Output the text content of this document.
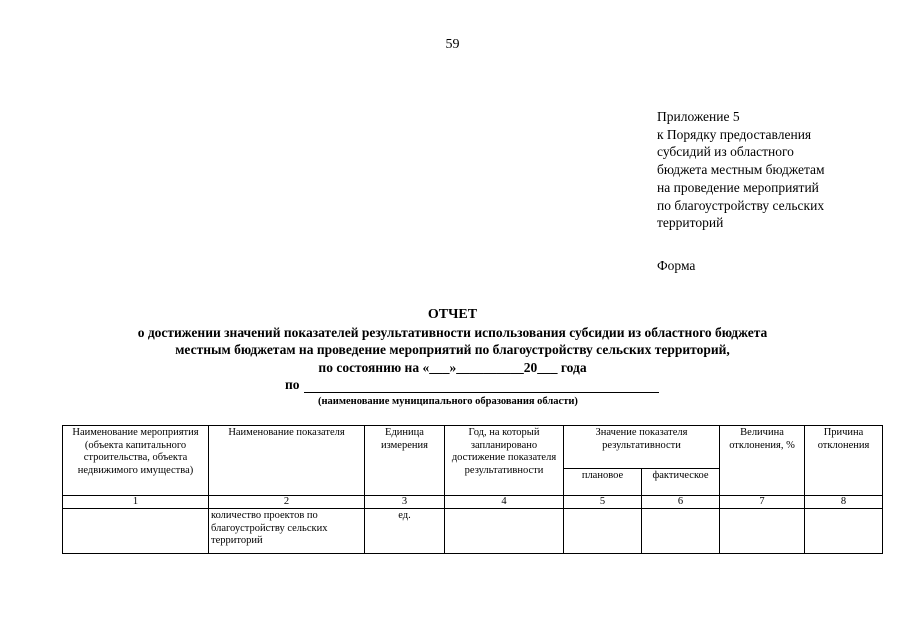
59
Приложение 5
к Порядку предоставления
субсидий из областного
бюджета местным бюджетам
на проведение мероприятий
по благоустройству сельских
территорий
Форма
ОТЧЕТ
о достижении значений показателей результативности использования субсидии из областного бюджета
местным бюджетам на проведение мероприятий по благоустройству сельских территорий,
по состоянию на «___»__________20___ года
по
(наименование муниципального образования области)
Наименование мероприятия (объекта капитального строительства, объекта недвижимого имущества)	Наименование показателя	Единица измерения	Год, на который запланировано достижение показателя результативности	Значение показателя результативности		Величина отклонения, %	Причина отклонения
				плановое	фактическое		
1	2	3	4	5	6	7	8
	количество проектов по благоустройству сельских территорий	ед.					
